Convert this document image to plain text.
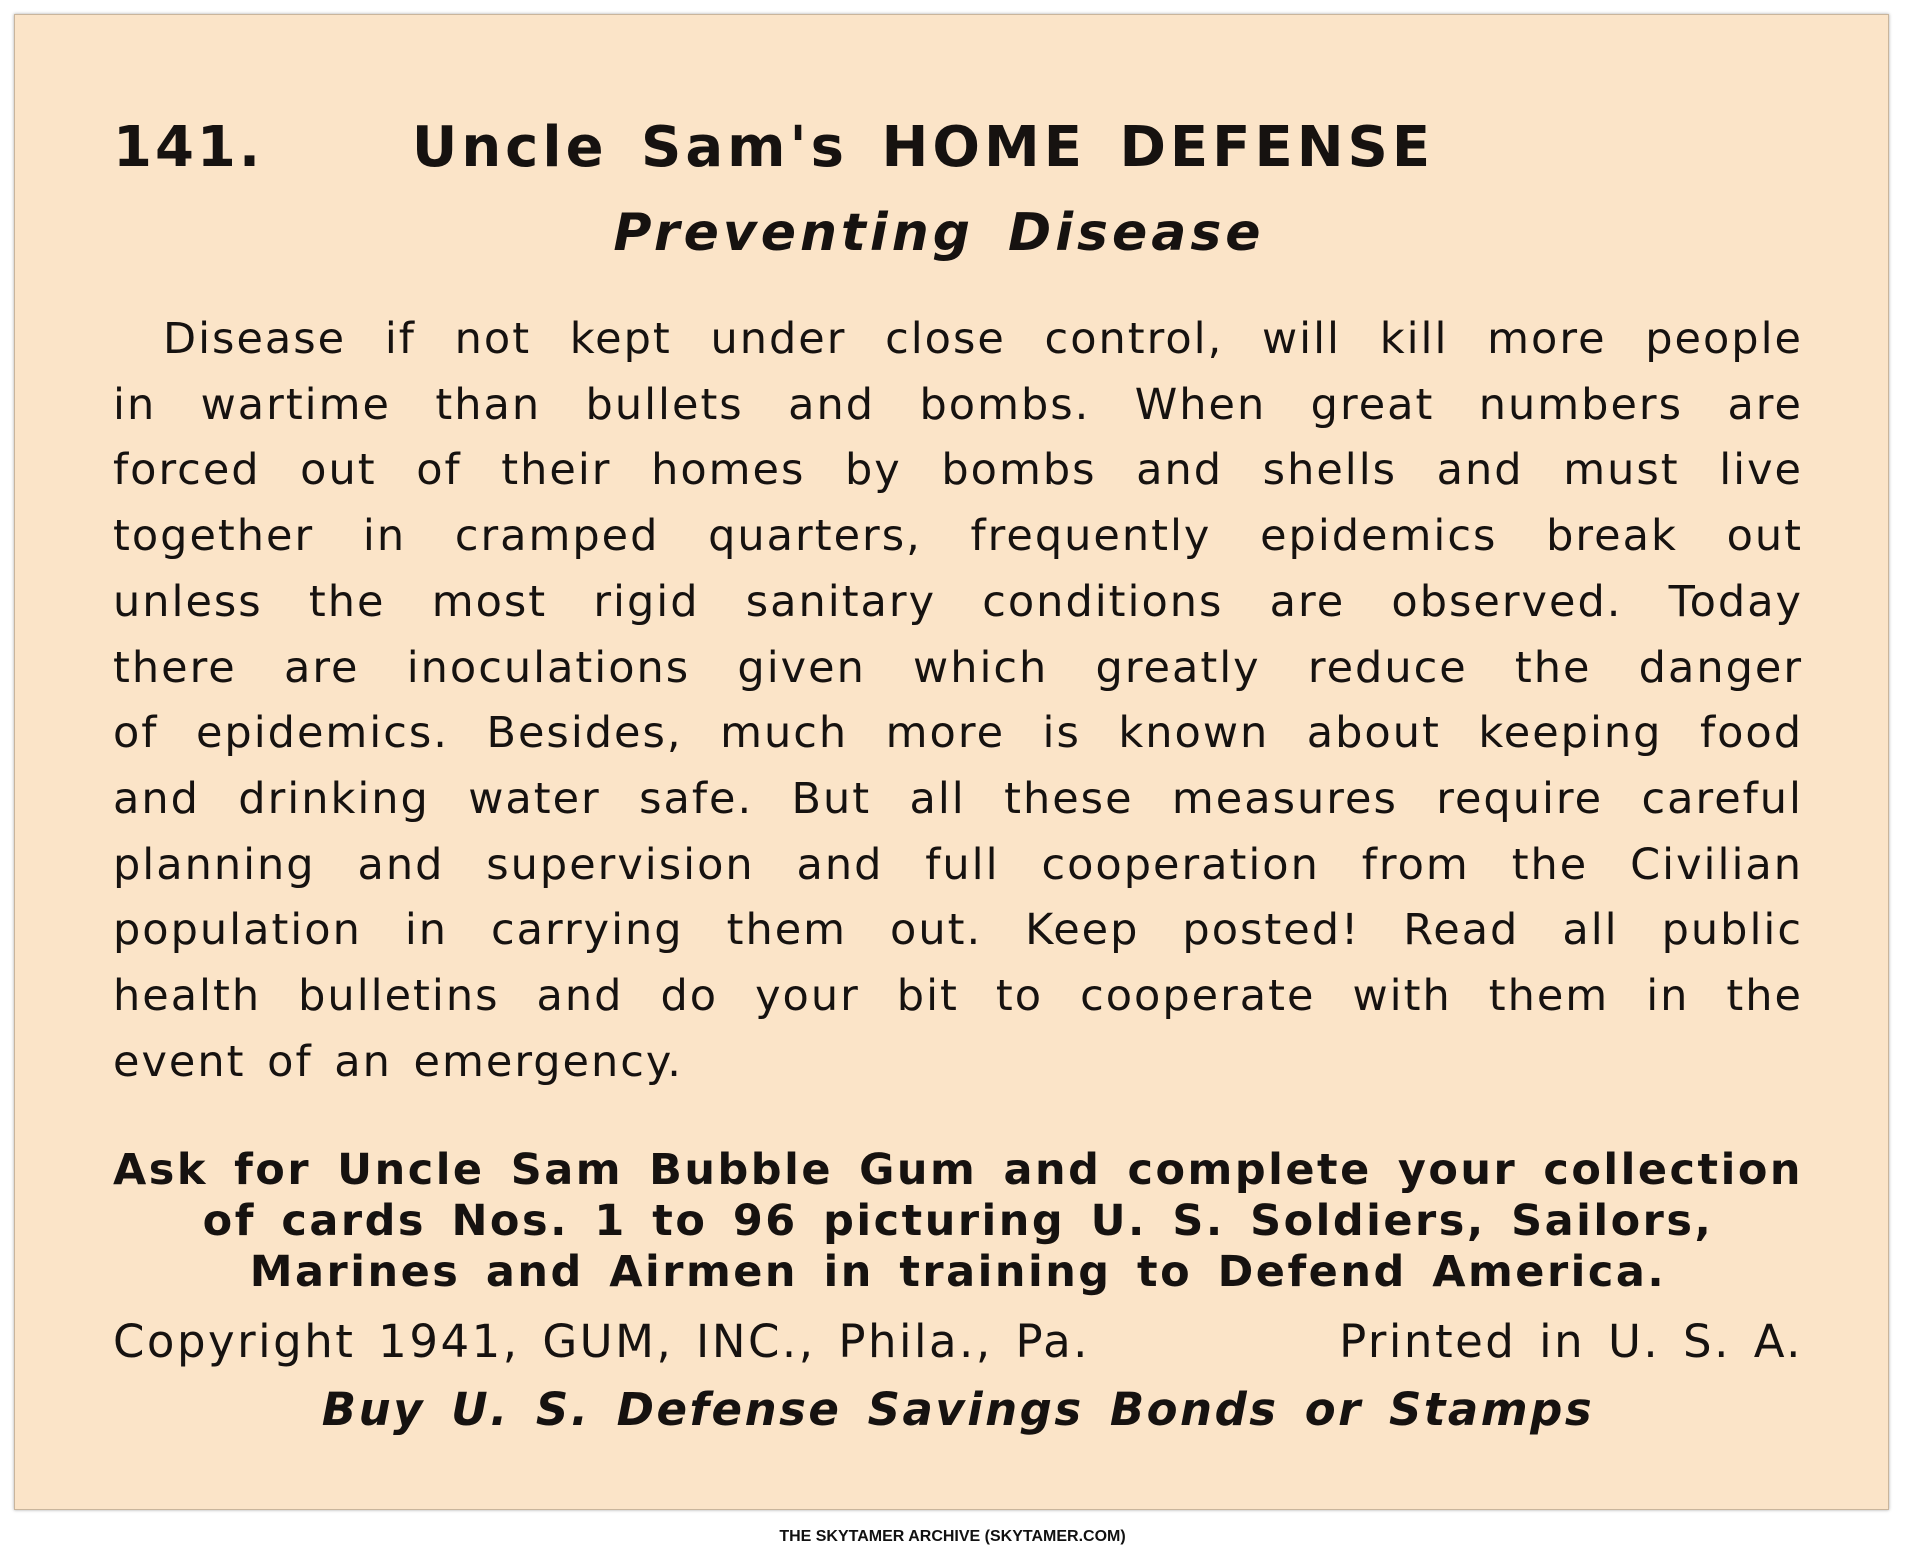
141.	Uncle Sam's HOME DEFENSE
Preventing Disease
Disease if not kept under close control, will kill more people
in wartime than bullets and bombs. When great numbers are
forced out of their homes by bombs and shells and must live
together in cramped quarters, frequently epidemics break out
unless the most rigid sanitary conditions are observed. Today
there are inoculations given which greatly reduce the danger
of epidemics. Besides, much more is known about keeping food
and drinking water safe. But all these measures require careful
planning and supervision and full cooperation from the Civilian
population in carrying them out. Keep posted! Read all public
health bulletins and do your bit to cooperate with them in the
event of an emergency.
Ask for Uncle Sam Bubble Gum and complete your collection
of cards Nos. 1 to 96 picturing U. S. Soldiers, Sailors,
Marines and Airmen in training to Defend America.
Copyright 1941, GUM, INC., Phila., Pa.	Printed in U. S. A.
Buy U. S. Defense Savings Bonds or Stamps
THE SKYTAMER ARCHIVE (SKYTAMER.COM)
